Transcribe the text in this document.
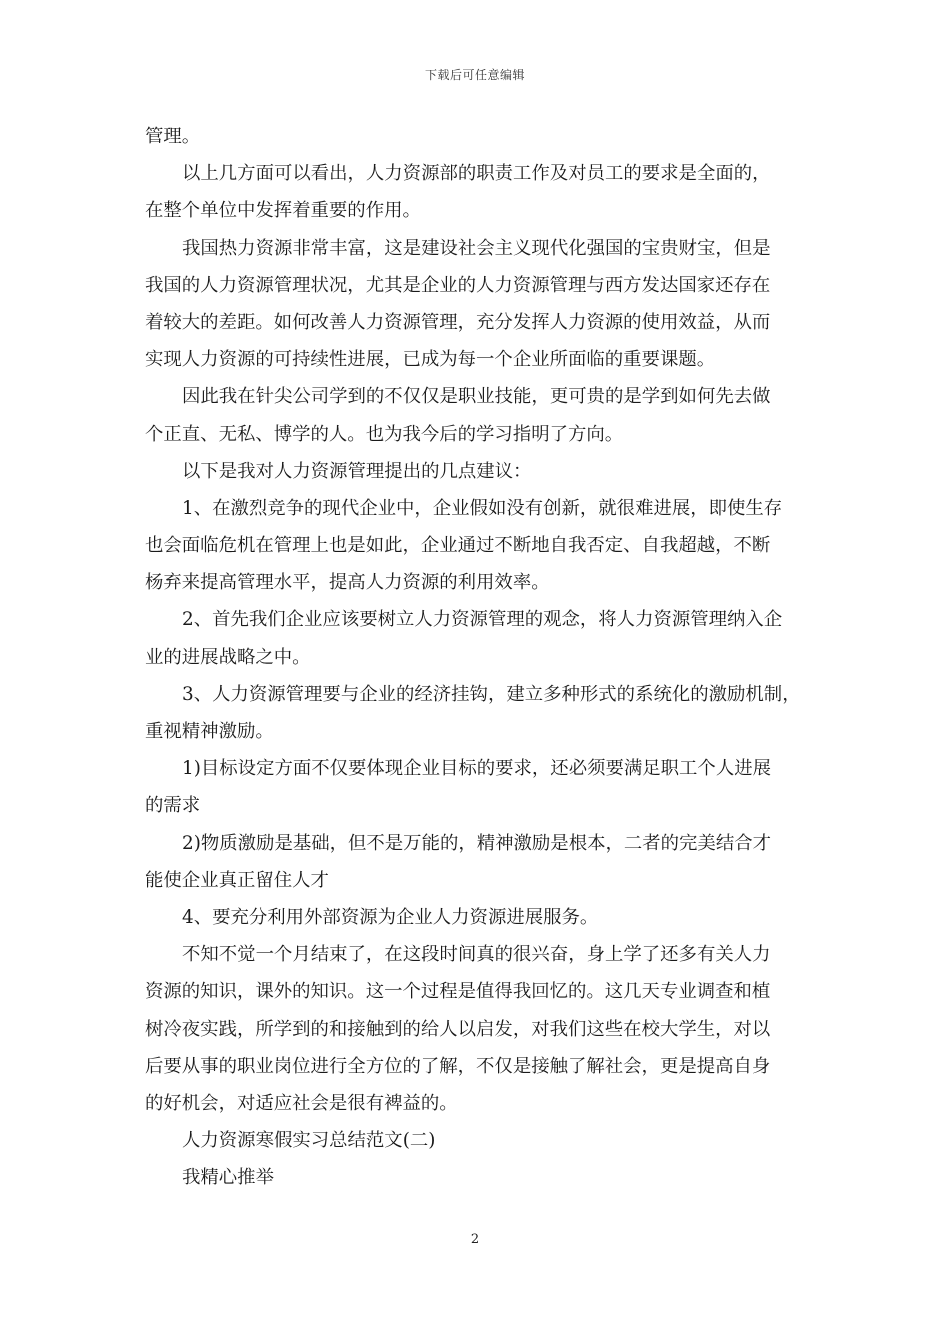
下载后可任意编辑
管理。
以上几方面可以看出，人力资源部的职责工作及对员工的要求是全面的，
在整个单位中发挥着重要的作用。
我国热力资源非常丰富，这是建设社会主义现代化强国的宝贵财宝，但是
我国的人力资源管理状况，尤其是企业的人力资源管理与西方发达国家还存在
着较大的差距。如何改善人力资源管理，充分发挥人力资源的使用效益，从而
实现人力资源的可持续性进展，已成为每一个企业所面临的重要课题。
因此我在针尖公司学到的不仅仅是职业技能，更可贵的是学到如何先去做
个正直、无私、博学的人。也为我今后的学习指明了方向。
以下是我对人力资源管理提出的几点建议：
1、在激烈竞争的现代企业中，企业假如没有创新，就很难进展，即使生存
也会面临危机在管理上也是如此，企业通过不断地自我否定、自我超越，不断
杨弃来提高管理水平，提高人力资源的利用效率。
2、首先我们企业应该要树立人力资源管理的观念，将人力资源管理纳入企
业的进展战略之中。
3、人力资源管理要与企业的经济挂钩，建立多种形式的系统化的激励机制，
重视精神激励。
1)目标设定方面不仅要体现企业目标的要求，还必须要满足职工个人进展
的需求
2)物质激励是基础，但不是万能的，精神激励是根本，二者的完美结合才
能使企业真正留住人才
4、要充分利用外部资源为企业人力资源进展服务。
不知不觉一个月结束了，在这段时间真的很兴奋，身上学了还多有关人力
资源的知识，课外的知识。这一个过程是值得我回忆的。这几天专业调查和植
树冷夜实践，所学到的和接触到的给人以启发，对我们这些在校大学生，对以
后要从事的职业岗位进行全方位的了解，不仅是接触了解社会，更是提高自身
的好机会，对适应社会是很有裨益的。
人力资源寒假实习总结范文(二)
我精心推举
2
